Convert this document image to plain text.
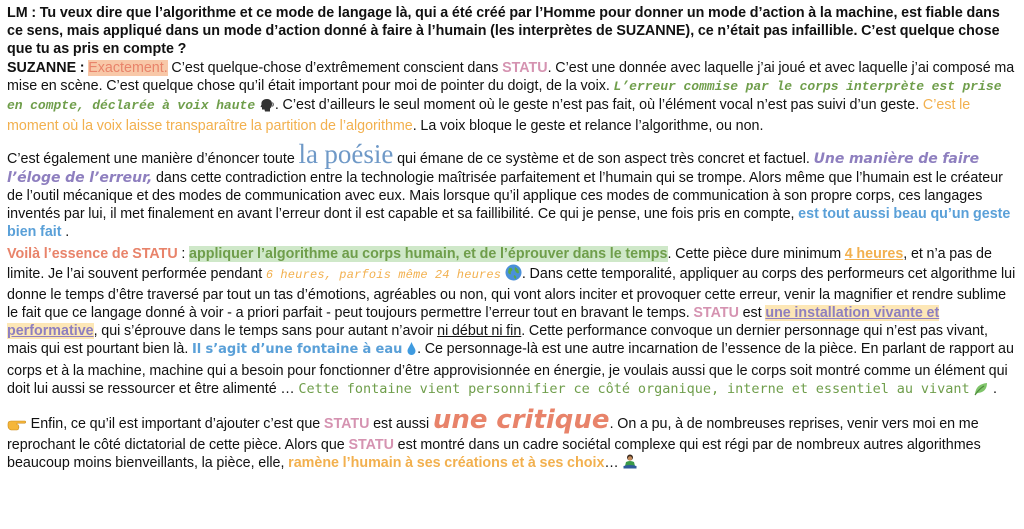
LM : Tu veux dire que l’algorithme et ce mode de langage là, qui a été créé par l’Homme pour donner un mode d’action à la machine, est fiable dans ce sens, mais appliqué dans un mode d’action donné à faire à l’humain (les interprètes de SUZANNE), ce n’était pas infaillible. C’est quelque chose que tu as pris en compte ?

SUZANNE : Exactement. C’est quelque-chose d’extrêmement conscient dans STATU. C’est une donnée avec laquelle j’ai joué et avec laquelle j’ai composé ma mise en scène. C’est quelque chose qu’il était important pour moi de pointer du doigt, de la voix. L’erreur commise par le corps interprète est prise en compte, déclarée à voix haute . C’est d’ailleurs le seul moment où le geste n’est pas fait, où l’élément vocal n’est pas suivi d’un geste. C’est le moment où la voix laisse transparaître la partition de l’algorithme. La voix bloque le geste et relance l’algorithme, ou non.

C’est également une manière d’énoncer toute la poésie qui émane de ce système et de son aspect très concret et factuel. Une manière de faire l’éloge de l’erreur, dans cette contradiction entre la technologie maîtrisée parfaitement et l’humain qui se trompe. Alors même que l’humain est le créateur de l’outil mécanique et des modes de communication avec eux. Mais lorsque qu’il applique ces modes de communication à son propre corps, ces langages inventés par lui, il met finalement en avant l’erreur dont il est capable et sa faillibilité. Ce qui je pense, une fois pris en compte, est tout aussi beau qu’un geste bien fait .

Voilà l’essence de STATU : appliquer l’algorithme au corps humain, et de l’éprouver dans le temps. Cette pièce dure minimum 4 heures, et n’a pas de limite. Je l’ai souvent performée pendant 6 heures, parfois même 24 heures . Dans cette temporalité, appliquer au corps des performeurs cet algorithme lui donne le temps d’être traversé par tout un tas d’émotions, agréables ou non, qui vont alors inciter et provoquer cette erreur, venir la magnifier et rendre sublime le fait que ce langage donné à voir - a priori parfait - peut toujours permettre l’erreur tout en bravant le temps. STATU est une installation vivante et performative, qui s’éprouve dans le temps sans pour autant n’avoir ni début ni fin. Cette performance convoque un dernier personnage qui n’est pas vivant, mais qui est pourtant bien là. Il s’agit d’une fontaine à eau . Ce personnage-là est une autre incarnation de l’essence de la pièce. En parlant de rapport au corps et à la machine, machine qui a besoin pour fonctionner d’être approvisionnée en énergie, je voulais aussi que le corps soit montré comme un élément qui doit lui aussi se ressourcer et être alimenté … Cette fontaine vient personnifier ce côté organique, interne et essentiel au vivant  .

Enfin, ce qu’il est important d’ajouter c’est que STATU est aussi une critique. On a pu, à de nombreuses reprises, venir vers moi en me reprochant le côté dictatorial de cette pièce. Alors que STATU est montré dans un cadre sociétal complexe qui est régi par de nombreux autres algorithmes beaucoup moins bienveillants, la pièce, elle, ramène l’humain à ses créations et à ses choix…
